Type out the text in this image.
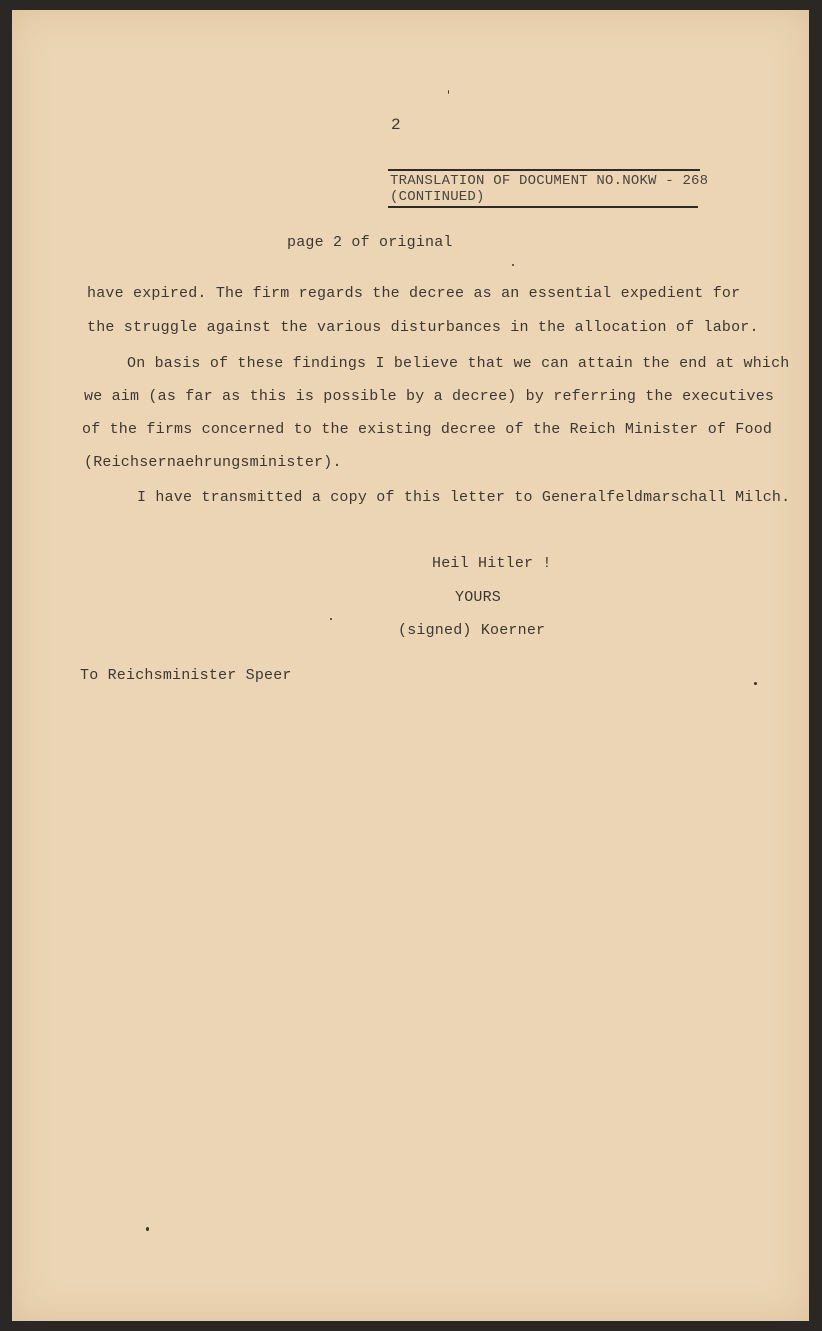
2
TRANSLATION OF DOCUMENT NO.NOKW - 268
(CONTINUED)
page 2 of original
have expired. The firm regards the decree as an essential expedient for
the struggle against the various disturbances in the allocation of labor.
On basis of these findings I believe that we can attain the end at which
we aim (as far as this is possible by a decree) by referring the executives
of the firms concerned to the existing decree of the Reich Minister of Food
(Reichsernaehrungsminister).
I have transmitted a copy of this letter to Generalfeldmarschall Milch.
Heil Hitler !
YOURS
(signed) Koerner
To Reichsminister Speer
